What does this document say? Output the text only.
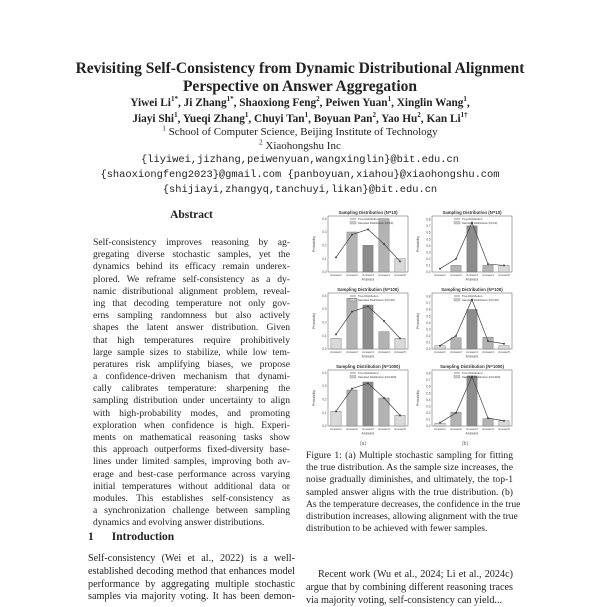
Revisiting Self-Consistency from Dynamic Distributional Alignment
Perspective on Answer Aggregation
Yiwei $Li^{1*}$, Ji Zhang$^{1*}$, Shaoxiong Feng$^2$, Peiwen Yuan$^1$, Xinglin Wang$^1$,
Jiayi Shi$^1$, Yueqi Zhang$^1$, Chuyi Tan$^1$, Boyuan Pan$^2$, Yao Hu$^2$, Kan $Li^{1\dagger}$
$^1$ School of Computer Science, Beijing Institute of Technology
$^2$ Xiaohongshu Inc
{liyiwei,jizhang,peiwenyuan,wangxinglin}@bit.edu.cn
{shaoxiongfeng2023}@gmail.com {panboyuan,xiahou}@xiaohongshu.com
{shijiayi,zhangyq,tanchuyi,likan}@bit.edu.cn
Abstract
Self-consistency improves reasoning by ag-
gregating diverse stochastic samples, yet the
dynamics behind its efficacy remain underex-
plored. We reframe self-consistency as a dy-
namic distributional alignment problem, reveal-
ing that decoding temperature not only gov-
erns sampling randomness but also actively
shapes the latent answer distribution. Given
that high temperatures require prohibitively
large sample sizes to stabilize, while low tem-
peratures risk amplifying biases, we propose
a confidence-driven mechanism that dynami-
cally calibrates temperature: sharpening the
sampling distribution under uncertainty to align
with high-probability modes, and promoting
exploration when confidence is high. Experi-
ments on mathematical reasoning tasks show
this approach outperforms fixed-diversity base-
lines under limited samples, improving both av-
erage and best-case performance across varying
initial temperatures without additional data or
modules. This establishes self-consistency as
a synchronization challenge between sampling
dynamics and evolving answer distributions.
1 Introduction
Self-consistency (Wei et al., 2022) is a well-
established decoding method that enhances model
performance by aggregating multiple stochastic
samples via majority voting. It has been demon-
Sampling Distribution (N=10)
0.0
0.1
0.2
0.3
0.4
Probability
Answer1 Answer2 Answer3 Answer4 Answer5
Answers
True Distribution
Sampled Distribution (N=10)
Sampling Distribution (N=10)
0.0
0.1
0.2
0.3
0.4
0.5
0.6
0.7
0.8
Probability
Answer1 Answer2 Answer3 Answer4 Answer5
Answers
True Distribution
Sampled Distribution (N=10)
Sampling Distribution (N=100)
0.0
0.1
0.2
0.3
0.4
Probability
Answer1 Answer2 Answer3 Answer4 Answer5
Answers
True Distribution
Sampled Distribution (N=100)
Sampling Distribution (N=100)
0.0
0.1
0.2
0.3
0.4
0.5
0.6
0.7
0.8
Probability
Answer1 Answer2 Answer3 Answer4 Answer5
Answers
True Distribution
Sampled Distribution (N=100)
Sampling Distribution (N=1000)
0.0
0.1
0.2
0.3
0.4
Probability
Answer1 Answer2 Answer3 Answer4 Answer5
Answers
True Distribution
Sampled Distribution (N=1000)
Sampling Distribution (N=1000)
0.0
0.1
0.2
0.3
0.4
0.5
0.6
0.7
0.8
Probability
Answer1 Answer2 Answer3 Answer4 Answer5
Answers
True Distribution
Sampled Distribution (N=1000)
(a)	(b)
Figure 1: (a) Multiple stochastic sampling for fitting
the true distribution. As the sample size increases, the
noise gradually diminishes, and ultimately, the top-1
sampled answer aligns with the true distribution. (b)
As the temperature decreases, the confidence in the true
distribution increases, allowing alignment with the true
distribution to be achieved with fewer samples.
Recent work (Wu et al., 2024; Li et al., 2024c)
argue that by combining different reasoning traces
via majority voting, self-consistency can yield...
